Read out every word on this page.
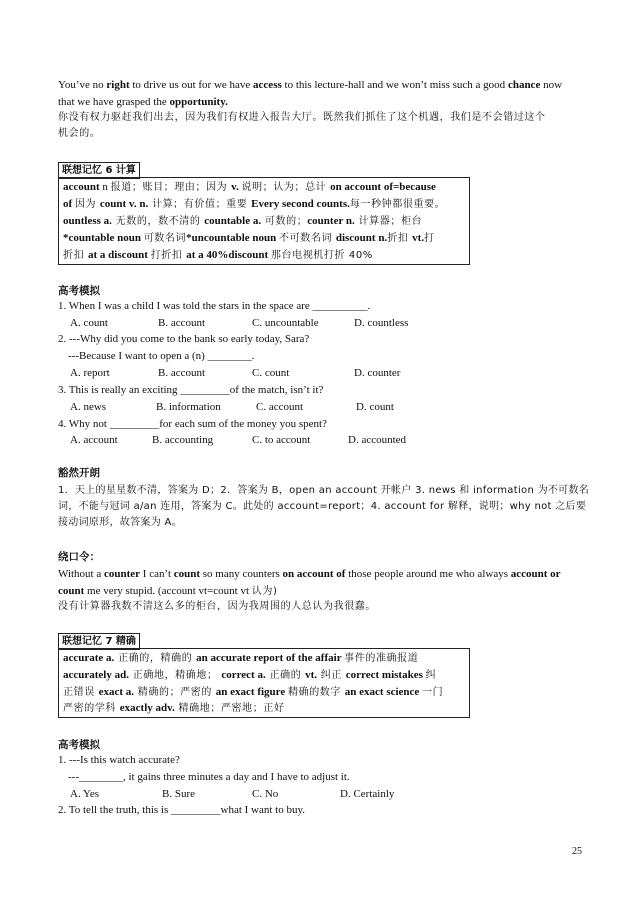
You’ve no right to drive us out for we have access to this lecture-hall and we won’t miss such a good chance now
that we have grasped the opportunity.
你没有权力驱赶我们出去，因为我们有权进入报告大厅。既然我们抓住了这个机遇，我们是不会错过这个
机会的。
联想记忆 6 计算
account n 报道；账目；理由；因为 v. 说明；认为；总计 on account of=because
of 因为 count v. n. 计算；有价值；重要 Every second counts.每一秒钟都很重要。
ountless a. 无数的，数不清的 countable a. 可数的；counter n. 计算器；柜台
*countable noun 可数名词*uncountable noun 不可数名词 discount n.折扣 vt.打
折扣 at a discount 打折扣 at a 40%discount 那台电视机打折 40%
高考模拟
1. When I was a child I was told the stars in the space are __________.
A. count	B. account	C. uncountable	D. countless
2. ---Why did you come to the bank so early today, Sara?
---Because I want to open a (n) ________.
A. report	B. account	C. count	D. counter
3. This is really an exciting _________of the match, isn’t it?
A. news	B. information	C. account	D. count
4. Why not _________for each sum of the money you spent?
A. account	B. accounting	C. to account	D. accounted
豁然开朗
1．天上的星星数不清，答案为 D；2．答案为 B，open an account 开帐户 3. news 和 information 为不可数名
词，不能与冠词 a/an 连用，答案为 C。此处的 account=report；4. account for 解释，说明；why not 之后要
接动词原形，故答案为 A。
绕口令：
Without a counter I can’t count so many counters on account of those people around me who always account or
count me very stupid. (account vt=count vt 认为)
没有计算器我数不清这么多的柜台，因为我周围的人总认为我很蠢。
联想记忆 7 精确
accurate a. 正确的，精确的 an accurate report of the affair 事件的准确报道
accurately ad. 正确地，精确地； correct a. 正确的 vt. 纠正 correct mistakes 纠
正错误 exact a. 精确的；严密的 an exact figure 精确的数字 an exact science 一门
严密的学科 exactly adv. 精确地；严密地；正好
高考模拟
1. ---Is this watch accurate?
---________, it gains three minutes a day and I have to adjust it.
A. Yes	B. Sure	C. No	D. Certainly
2. To tell the truth, this is _________what I want to buy.
25
